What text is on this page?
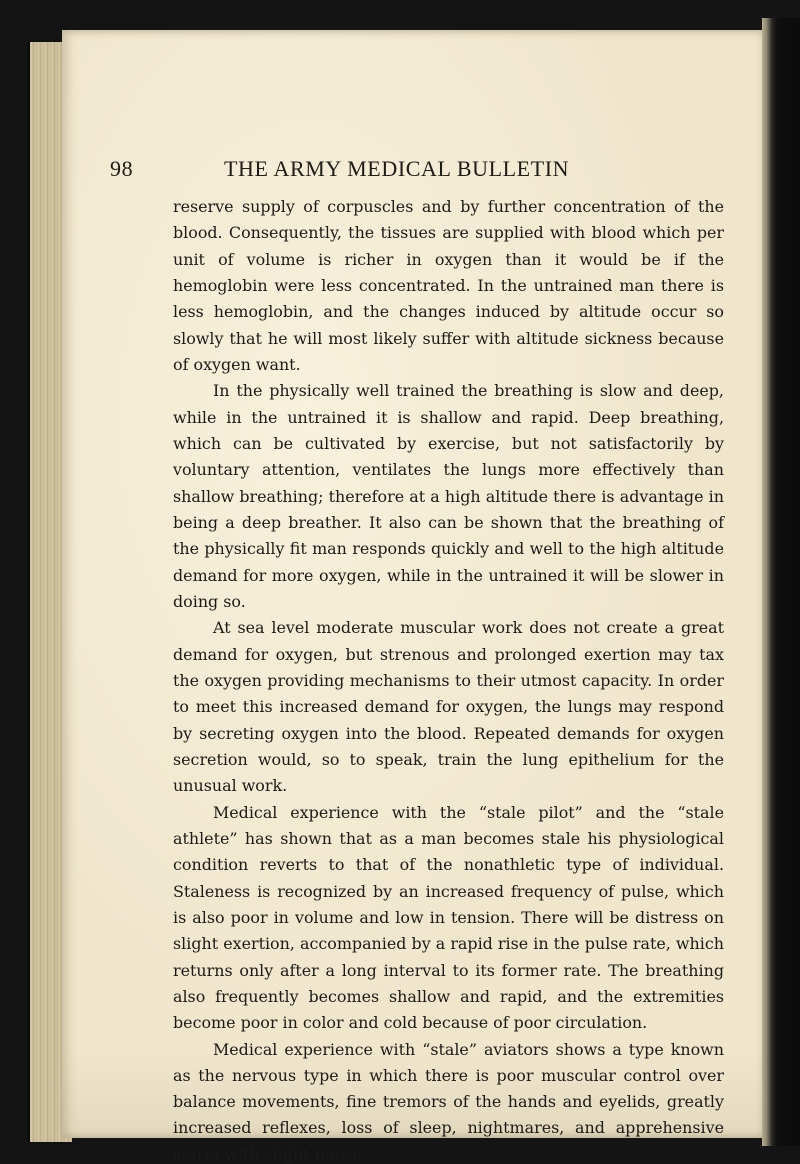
98	THE ARMY MEDICAL BULLETIN

reserve supply of corpuscles and by further concentration of the blood. Consequently, the tissues are supplied with blood which per unit of volume is richer in oxygen than it would be if the hemoglobin were less concentrated. In the untrained man there is less hemoglobin, and the changes induced by altitude occur so slowly that he will most likely suffer with altitude sickness because of oxygen want.

In the physically well trained the breathing is slow and deep, while in the untrained it is shallow and rapid. Deep breathing, which can be cultivated by exercise, but not satisfactorily by voluntary attention, ventilates the lungs more effectively than shallow breathing; therefore at a high altitude there is advantage in being a deep breather. It also can be shown that the breathing of the physically fit man responds quickly and well to the high altitude demand for more oxygen, while in the untrained it will be slower in doing so.

At sea level moderate muscular work does not create a great demand for oxygen, but strenous and prolonged exertion may tax the oxygen providing mechanisms to their utmost capacity. In order to meet this increased demand for oxygen, the lungs may respond by secreting oxygen into the blood. Repeated demands for oxygen secretion would, so to speak, train the lung epithelium for the unusual work.

Medical experience with the “stale pilot” and the “stale athlete” has shown that as a man becomes stale his physiological condition reverts to that of the nonathletic type of individual. Staleness is recognized by an increased frequency of pulse, which is also poor in volume and low in tension. There will be distress on slight exertion, accompanied by a rapid rise in the pulse rate, which returns only after a long interval to its former rate. The breathing also frequently becomes shallow and rapid, and the extremities become poor in color and cold because of poor circulation.

Medical experience with “stale” aviators shows a type known as the nervous type in which there is poor muscular control over balance movements, fine tremors of the hands and eyelids, greatly increased reflexes, loss of sleep, nightmares, and apprehensive starts with slight noise.
